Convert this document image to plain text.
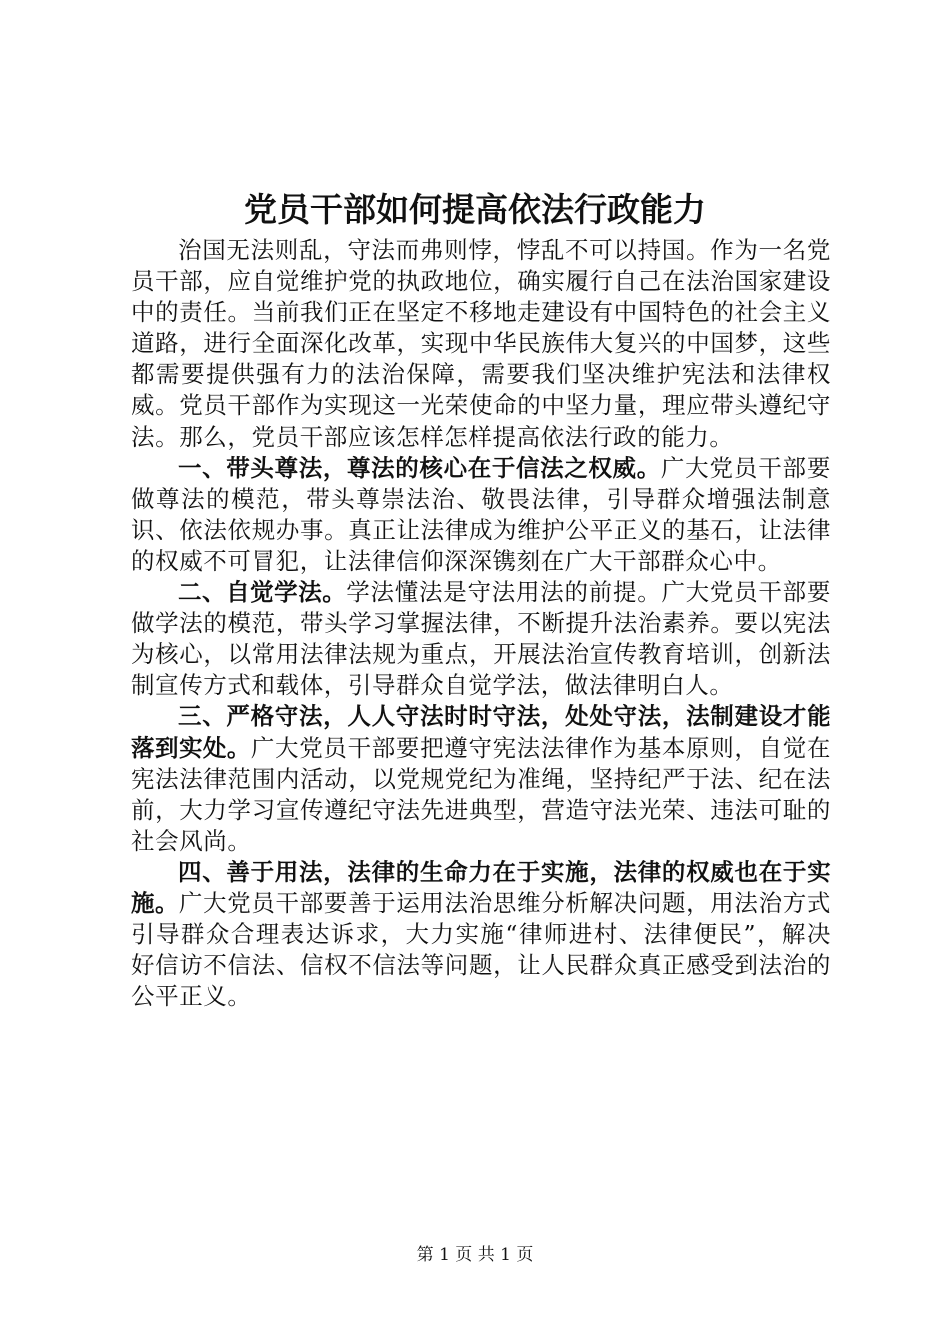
党员干部如何提高依法行政能力

治国无法则乱，守法而弗则悖，悖乱不可以持国。作为一名党员干部，应自觉维护党的执政地位，确实履行自己在法治国家建设中的责任。当前我们正在坚定不移地走建设有中国特色的社会主义道路，进行全面深化改革，实现中华民族伟大复兴的中国梦，这些都需要提供强有力的法治保障，需要我们坚决维护宪法和法律权威。党员干部作为实现这一光荣使命的中坚力量，理应带头遵纪守法。那么，党员干部应该怎样怎样提高依法行政的能力。

一、带头尊法，尊法的核心在于信法之权威。广大党员干部要做尊法的模范，带头尊崇法治、敬畏法律，引导群众增强法制意识、依法依规办事。真正让法律成为维护公平正义的基石，让法律的权威不可冒犯，让法律信仰深深镌刻在广大干部群众心中。

二、自觉学法。学法懂法是守法用法的前提。广大党员干部要做学法的模范，带头学习掌握法律，不断提升法治素养。要以宪法为核心，以常用法律法规为重点，开展法治宣传教育培训，创新法制宣传方式和载体，引导群众自觉学法，做法律明白人。

三、严格守法，人人守法时时守法，处处守法，法制建设才能落到实处。广大党员干部要把遵守宪法法律作为基本原则，自觉在宪法法律范围内活动，以党规党纪为准绳，坚持纪严于法、纪在法前，大力学习宣传遵纪守法先进典型，营造守法光荣、违法可耻的社会风尚。

四、善于用法，法律的生命力在于实施，法律的权威也在于实施。广大党员干部要善于运用法治思维分析解决问题，用法治方式引导群众合理表达诉求，大力实施“律师进村、法律便民”，解决好信访不信法、信权不信法等问题，让人民群众真正感受到法治的公平正义。

第 1 页 共 1 页
